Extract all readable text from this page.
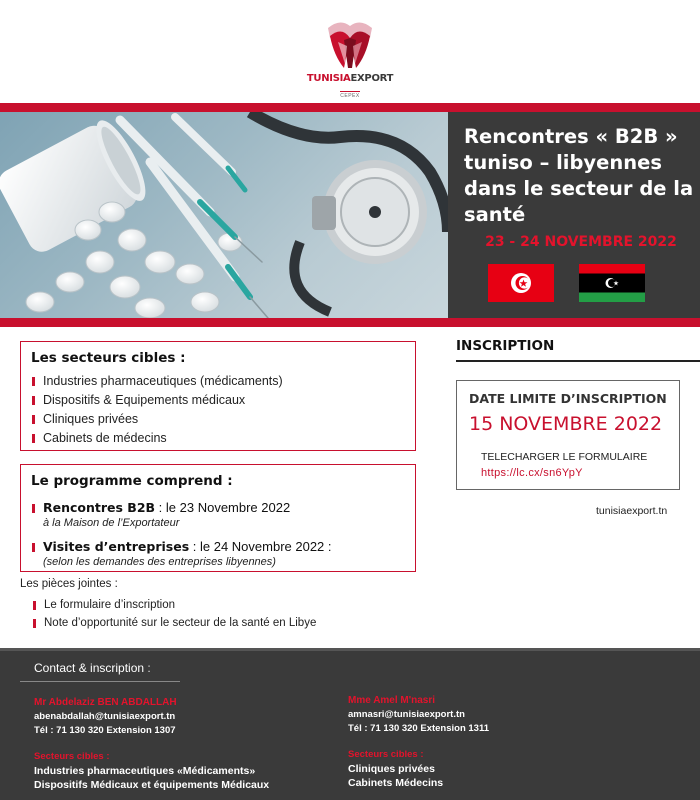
TUNISIAEXPORT
CEPEX
Rencontres « B2B » tuniso – libyennes dans le secteur de la santé
23 - 24 NOVEMBRE 2022
Les secteurs cibles :
Industries pharmaceutiques (médicaments)
Dispositifs & Equipements médicaux
Cliniques privées
Cabinets de médecins
Le programme comprend :
Rencontres B2B : le 23 Novembre 2022
à la Maison de l’Exportateur
Visites d’entreprises : le 24 Novembre 2022 :
(selon les demandes des entreprises libyennes)
Les pièces jointes :
Le formulaire d’inscription
Note d’opportunité sur le secteur de la santé en Libye
INSCRIPTION
DATE LIMITE D’INSCRIPTION
15 NOVEMBRE 2022
TELECHARGER LE FORMULAIRE
https://lc.cx/sn6YpY
tunisiaexport.tn
Contact & inscription :
Mr Abdelaziz BEN ABDALLAH
abenabdallah@tunisiaexport.tn
Tél : 71 130 320 Extension 1307
Secteurs cibles :
Industries pharmaceutiques «Médicaments»
Dispositifs Médicaux et équipements Médicaux
Mme Amel M'nasri
amnasri@tunisiaexport.tn
Tél : 71 130 320 Extension 1311
Secteurs cibles :
Cliniques privées
Cabinets Médecins
